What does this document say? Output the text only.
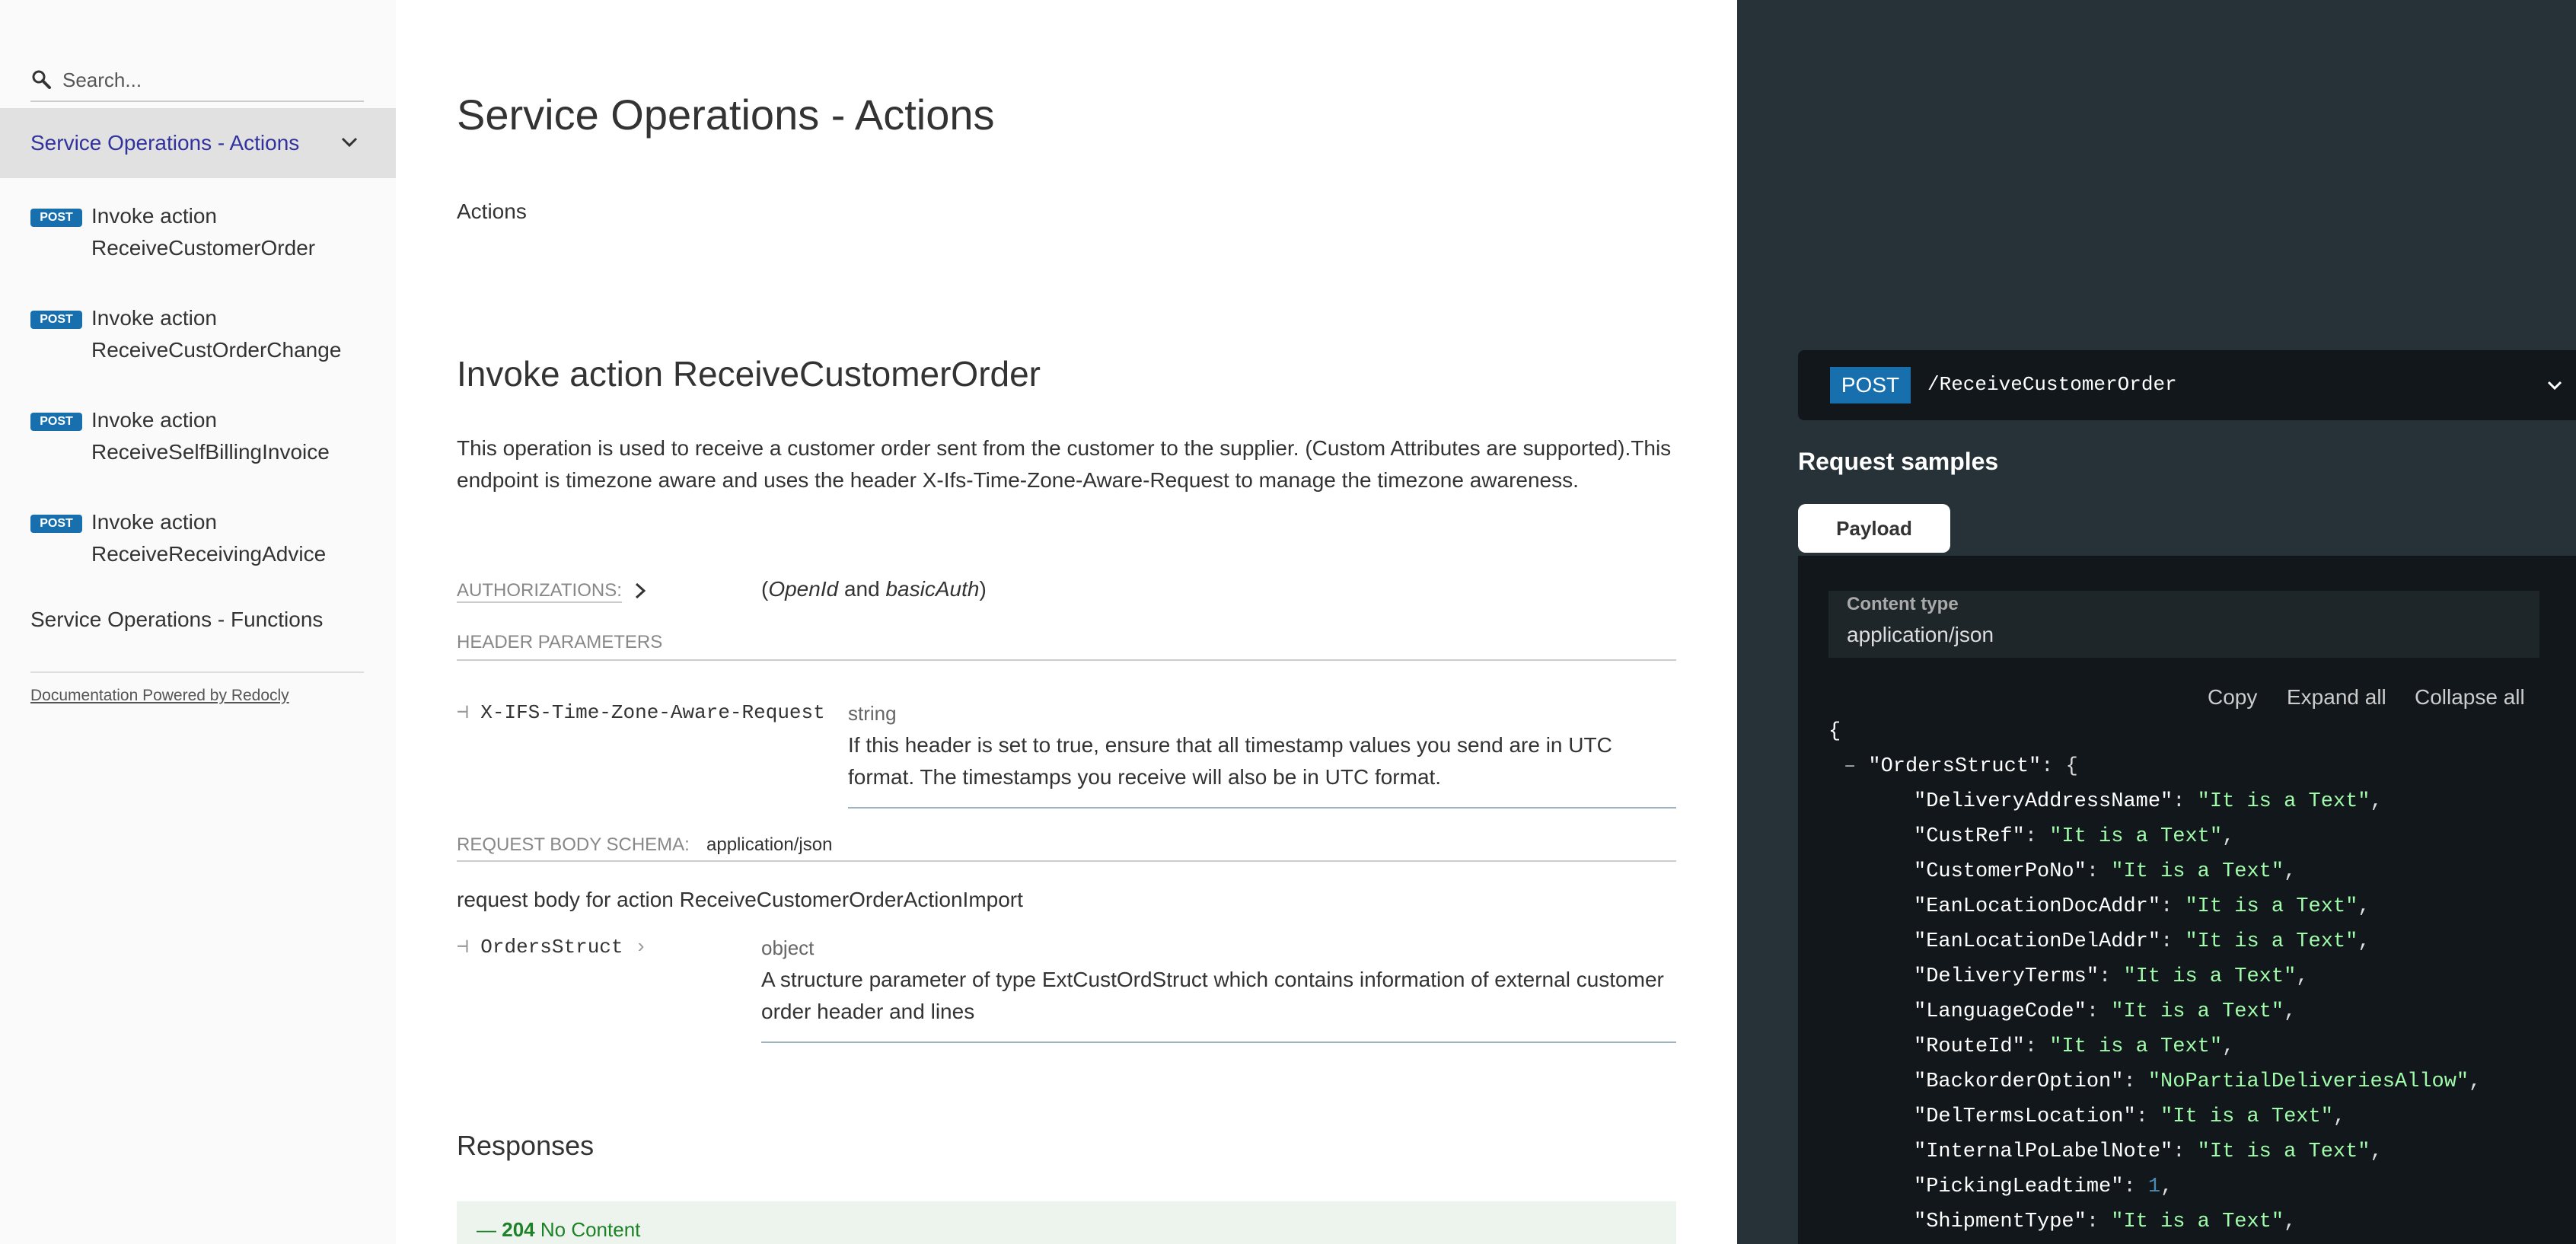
Search...
Service Operations - Actions
POST Invoke action
ReceiveCustomerOrder
POST Invoke action
ReceiveCustOrderChange
POST Invoke action
ReceiveSelfBillingInvoice
POST Invoke action
ReceiveReceivingAdvice
Service Operations - Functions
Documentation Powered by Redocly
Service Operations - Actions
Actions
Invoke action ReceiveCustomerOrder
This operation is used to receive a customer order sent from the customer to the supplier. (Custom Attributes are supported).This endpoint is timezone aware and uses the header X-Ifs-Time-Zone-Aware-Request to manage the timezone awareness.
AUTHORIZATIONS:	(OpenId and basicAuth)
HEADER PARAMETERS
⊣ X-IFS-Time-Zone-Aware-Request string
If this header is set to true, ensure that all timestamp values you send are in UTC
format. The timestamps you receive will also be in UTC format.
REQUEST BODY SCHEMA: application/json
request body for action ReceiveCustomerOrderActionImport
⊣ OrdersStruct ›	object
A structure parameter of type ExtCustOrdStruct which contains information of external customer
order header and lines
Responses
— 204 No Content
POST	/ReceiveCustomerOrder
Request samples
Payload
Content type
application/json
Copy Expand all Collapse all
{
– "OrdersStruct": {
"DeliveryAddressName": "It is a Text",
"CustRef": "It is a Text",
"CustomerPoNo": "It is a Text",
"EanLocationDocAddr": "It is a Text",
"EanLocationDelAddr": "It is a Text",
"DeliveryTerms": "It is a Text",
"LanguageCode": "It is a Text",
"RouteId": "It is a Text",
"BackorderOption": "NoPartialDeliveriesAllow",
"DelTermsLocation": "It is a Text",
"InternalPoLabelNote": "It is a Text",
"PickingLeadtime": 1,
"ShipmentType": "It is a Text",
